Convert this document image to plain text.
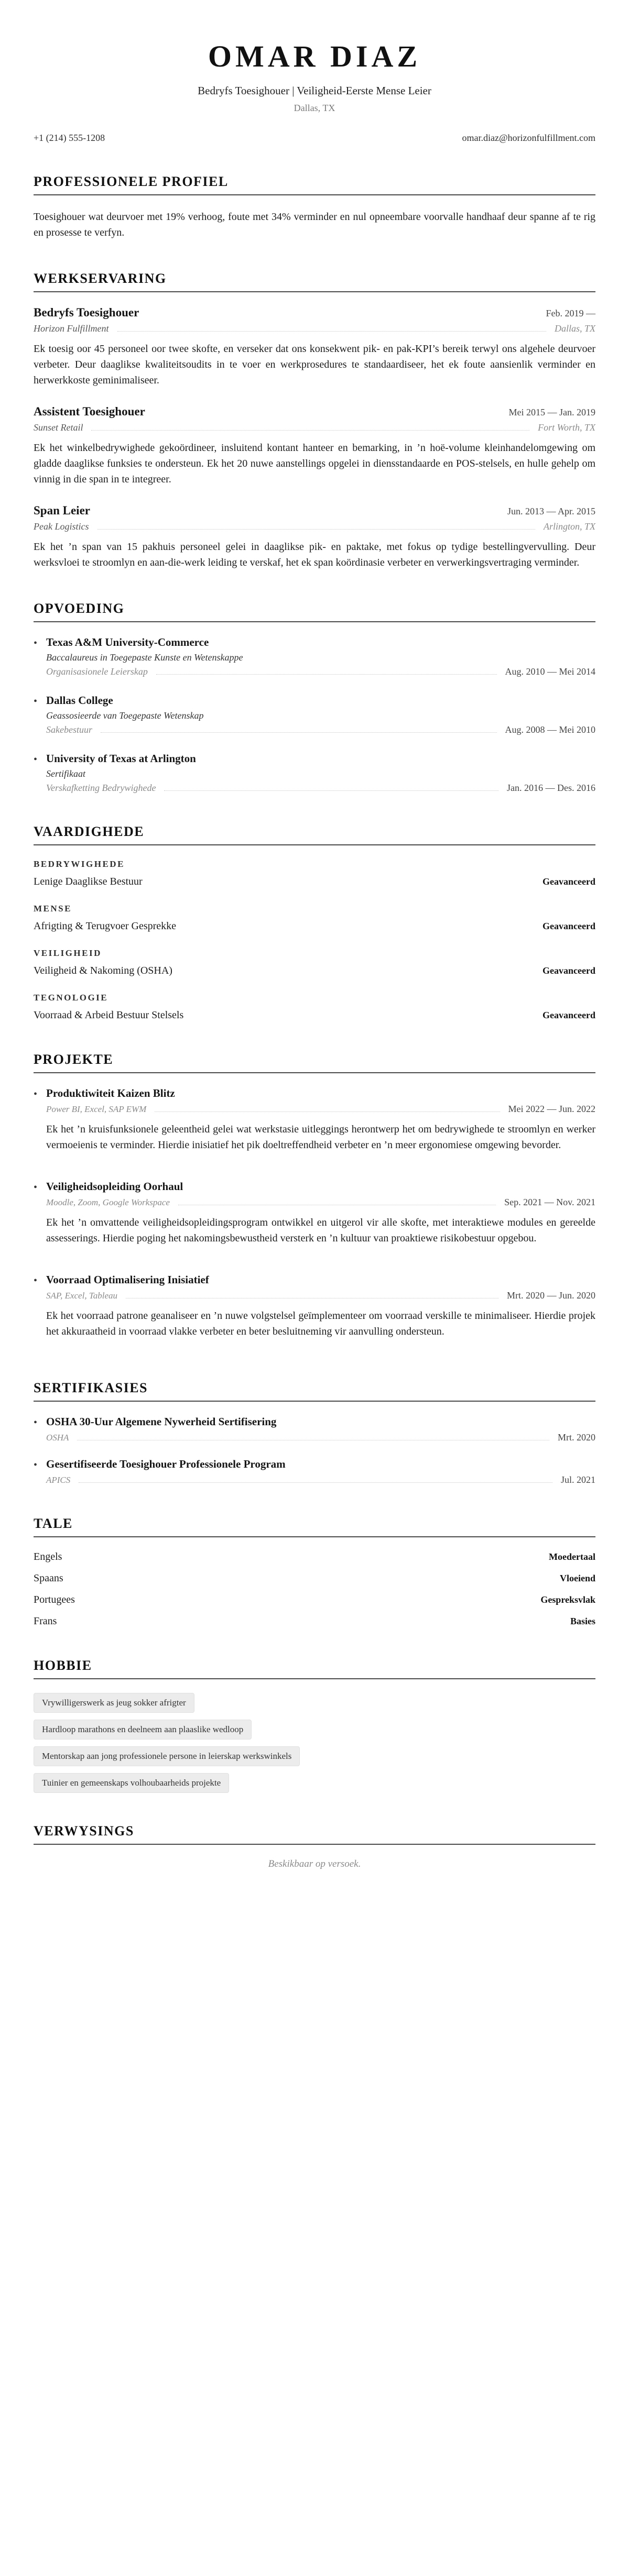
OMAR DIAZ
Bedryfs Toesighouer | Veiligheid-Eerste Mense Leier
Dallas, TX
+1 (214) 555-1208	omar.diaz@horizonfulfillment.com
PROFESSIONELE PROFIEL

Toesighouer wat deurvoer met 19% verhoog, foute met 34% verminder en nul opneembare voorvalle handhaaf deur spanne af te rig en prosesse te verfyn.

WERKSERVARING
Bedryfs Toesighouer	Feb. 2019 —
Horizon Fulfillment	Dallas, TX

Ek toesig oor 45 personeel oor twee skofte, en verseker dat ons konsekwent pik- en pak-KPI’s bereik terwyl ons algehele deurvoer verbeter. Deur daaglikse kwaliteitsoudits in te voer en werkprosedures te standaardiseer, het ek foute aansienlik verminder en herwerkkoste geminimaliseer.

Assistent Toesighouer	Mei 2015 — Jan. 2019
Sunset Retail	Fort Worth, TX

Ek het winkelbedrywighede gekoördineer, insluitend kontant hanteer en bemarking, in ’n hoë-volume kleinhandelomgewing om gladde daaglikse funksies te ondersteun. Ek het 20 nuwe aanstellings opgelei in diensstandaarde en POS-stelsels, en hulle gehelp om vinnig in die span in te integreer.

Span Leier	Jun. 2013 — Apr. 2015
Peak Logistics	Arlington, TX

Ek het ’n span van 15 pakhuis personeel gelei in daaglikse pik- en paktake, met fokus op tydige bestellingvervulling. Deur werksvloei te stroomlyn en aan-die-werk leiding te verskaf, het ek span koördinasie verbeter en verwerkingsvertraging verminder.

OPVOEDING
•
Texas A&M University-Commerce
Baccalaureus in Toegepaste Kunste en Wetenskappe
Organisasionele Leierskap	Aug. 2010 — Mei 2014
•
Dallas College
Geassosieerde van Toegepaste Wetenskap
Sakebestuur	Aug. 2008 — Mei 2010
•
University of Texas at Arlington
Sertifikaat
Verskafketting Bedrywighede	Jan. 2016 — Des. 2016
VAARDIGHEDE
BEDRYWIGHEDE
Lenige Daaglikse Bestuur	Geavanceerd
MENSE
Afrigting & Terugvoer Gesprekke	Geavanceerd
VEILIGHEID
Veiligheid & Nakoming (OSHA)	Geavanceerd
TEGNOLOGIE
Voorraad & Arbeid Bestuur Stelsels	Geavanceerd
PROJEKTE
•
Produktiwiteit Kaizen Blitz
Power BI, Excel, SAP EWM	Mei 2022 — Jun. 2022

Ek het ’n kruisfunksionele geleentheid gelei wat werkstasie uitleggings herontwerp het om bedrywighede te stroomlyn en werker vermoeienis te verminder. Hierdie inisiatief het pik doeltreffendheid verbeter en ’n meer ergonomiese omgewing bevorder.

•
Veiligheidsopleiding Oorhaul
Moodle, Zoom, Google Workspace	Sep. 2021 — Nov. 2021

Ek het ’n omvattende veiligheidsopleidingsprogram ontwikkel en uitgerol vir alle skofte, met interaktiewe modules en gereelde assesserings. Hierdie poging het nakomingsbewustheid versterk en ’n kultuur van proaktiewe risikobestuur opgebou.

•
Voorraad Optimalisering Inisiatief
SAP, Excel, Tableau	Mrt. 2020 — Jun. 2020

Ek het voorraad patrone geanaliseer en ’n nuwe volgstelsel geïmplementeer om voorraad verskille te minimaliseer. Hierdie projek het akkuraatheid in voorraad vlakke verbeter en beter besluitneming vir aanvulling ondersteun.

SERTIFIKASIES
•
OSHA 30-Uur Algemene Nywerheid Sertifisering
OSHA	Mrt. 2020
•
Gesertifiseerde Toesighouer Professionele Program
APICS	Jul. 2021
TALE
Engels	Moedertaal
Spaans	Vloeiend
Portugees	Gespreksvlak
Frans	Basies
HOBBIE
Vrywilligerswerk as jeug sokker afrigter
Hardloop marathons en deelneem aan plaaslike wedloop
Mentorskap aan jong professionele persone in leierskap werkswinkels
Tuinier en gemeenskaps volhoubaarheids projekte
VERWYSINGS
Beskikbaar op versoek.
